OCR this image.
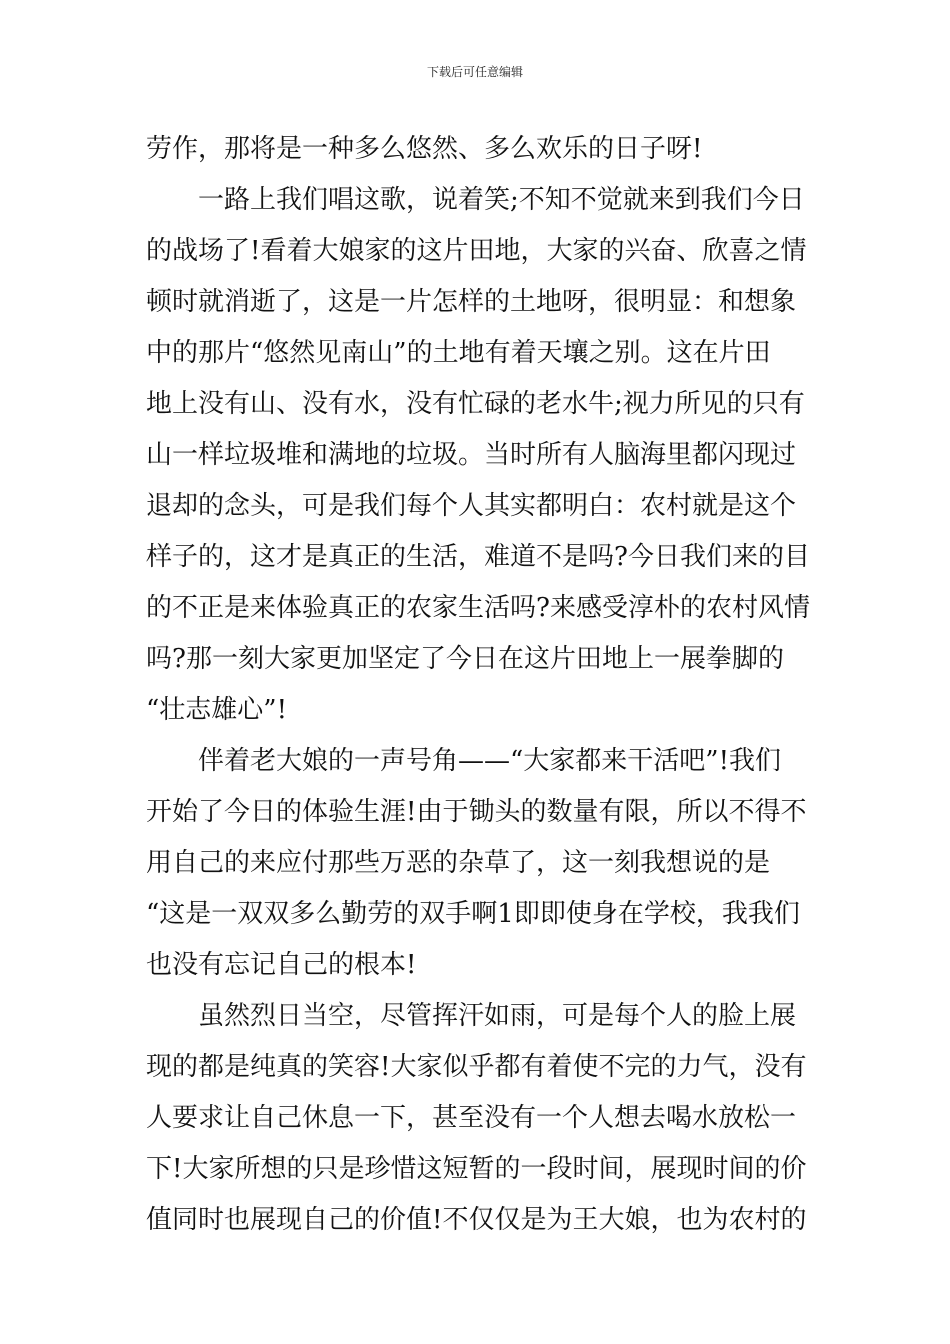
下载后可任意编辑
劳作，那将是一种多么悠然、多么欢乐的日子呀!
一路上我们唱这歌，说着笑;不知不觉就来到我们今日
的战场了!看着大娘家的这片田地，大家的兴奋、欣喜之情
顿时就消逝了，这是一片怎样的土地呀，很明显：和想象
中的那片“悠然见南山”的土地有着天壤之别。这在片田
地上没有山、没有水，没有忙碌的老水牛;视力所见的只有
山一样垃圾堆和满地的垃圾。当时所有人脑海里都闪现过
退却的念头，可是我们每个人其实都明白：农村就是这个
样子的，这才是真正的生活，难道不是吗?今日我们来的目
的不正是来体验真正的农家生活吗?来感受淳朴的农村风情
吗?那一刻大家更加坚定了今日在这片田地上一展拳脚的
“壮志雄心”!
伴着老大娘的一声号角——“大家都来干活吧”!我们
开始了今日的体验生涯!由于锄头的数量有限，所以不得不
用自己的来应付那些万恶的杂草了，这一刻我想说的是
“这是一双双多么勤劳的双手啊1即即使身在学校，我我们
也没有忘记自己的根本!
虽然烈日当空，尽管挥汗如雨，可是每个人的脸上展
现的都是纯真的笑容!大家似乎都有着使不完的力气，没有
人要求让自己休息一下，甚至没有一个人想去喝水放松一
下!大家所想的只是珍惜这短暂的一段时间，展现时间的价
值同时也展现自己的价值!不仅仅是为王大娘，也为农村的
